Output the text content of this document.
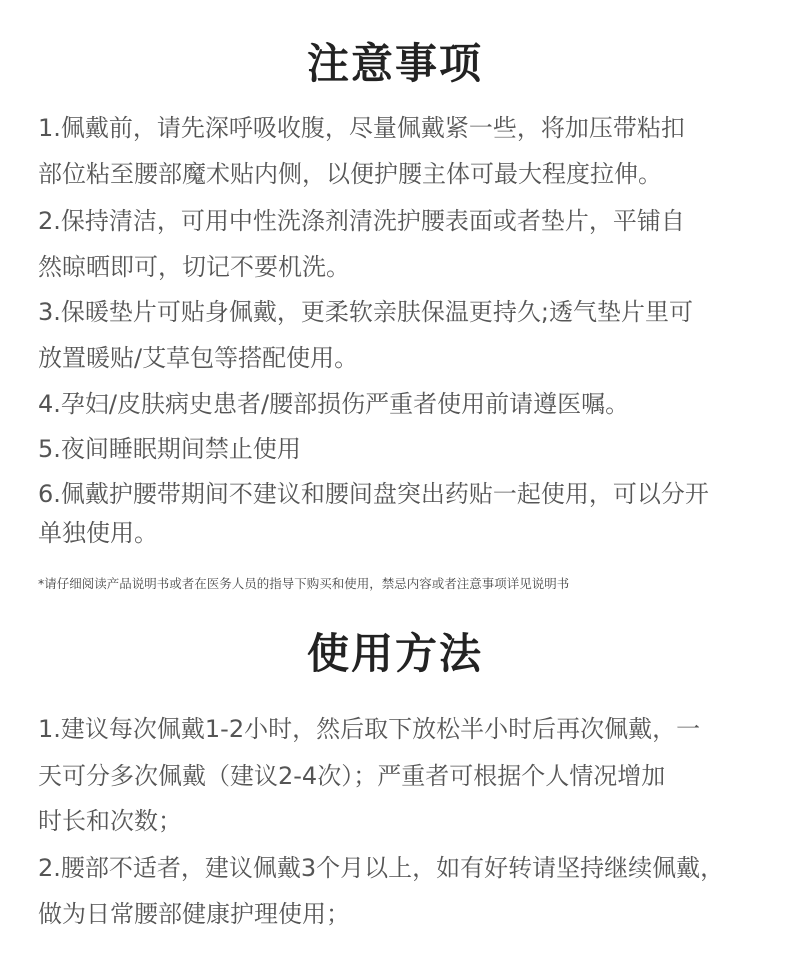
注意事项
1.佩戴前，请先深呼吸收腹，尽量佩戴紧一些，将加压带粘扣
部位粘至腰部魔术贴内侧，以便护腰主体可最大程度拉伸。
2.保持清洁，可用中性洗涤剂清洗护腰表面或者垫片，平铺自
然晾晒即可，切记不要机洗。
3.保暖垫片可贴身佩戴，更柔软亲肤保温更持久;透气垫片里可
放置暖贴/艾草包等搭配使用。
4.孕妇/皮肤病史患者/腰部损伤严重者使用前请遵医嘱。
5.夜间睡眠期间禁止使用
6.佩戴护腰带期间不建议和腰间盘突出药贴一起使用，可以分开
单独使用。
*请仔细阅读产品说明书或者在医务人员的指导下购买和使用，禁忌内容或者注意事项详见说明书
使用方法
1.建议每次佩戴1-2小时，然后取下放松半小时后再次佩戴，一
天可分多次佩戴（建议2-4次）；严重者可根据个人情况增加
时长和次数；
2.腰部不适者，建议佩戴3个月以上，如有好转请坚持继续佩戴，
做为日常腰部健康护理使用；
